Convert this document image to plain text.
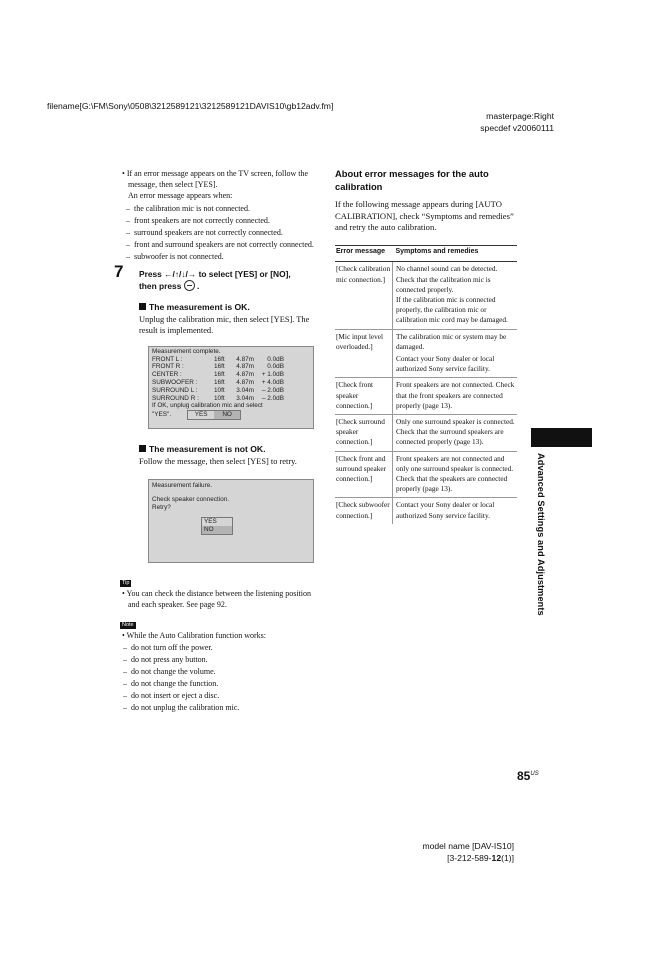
filename[G:\FM\Sony\0508\3212589121\3212589121DAVIS10\gb12adv.fm]
masterpage:Right
specdef v20060111

• If an error message appears on the TV screen, follow the message, then select [YES].

An error message appears when:

–  the calibration mic is not connected.

–  front speakers are not correctly connected.

–  surround speakers are not correctly connected.

–  front and surround speakers are not correctly connected.

–  subwoofer is not connected.

7 Press ←/↑/↓/→ to select [YES] or [NO],
then press  .
The measurement is OK.

Unplug the calibration mic, then select [YES]. The result is implemented.

Measurement complete.
FRONT L :	16ft	4.87m	0.0dB
FRONT R :	16ft	4.87m	0.0dB
CENTER :	16ft	4.87m	+ 1.0dB
SUBWOOFER :	16ft	4.87m	+ 4.0dB
SURROUND L :	10ft	3.04m	– 2.0dB
SURROUND R :	10ft	3.04m	– 2.0dB
If OK, unplug calibration mic and select
"YES".	YES	NO
The measurement is not OK.

Follow the message, then select [YES] to retry.

Measurement failure.
Check speaker connection.
Retry?
YES
NO
Tip

• You can check the distance between the listening position and each speaker. See page 92.

Note

• While the Auto Calibration function works:

–  do not turn off the power.

–  do not press any button.

–  do not change the volume.

–  do not change the function.

–  do not insert or eject a disc.

–  do not unplug the calibration mic.

About error messages for the auto calibration

If the following message appears during [AUTO CALIBRATION], check “Symptoms and remedies” and retry the auto calibration.

Error message	Symptoms and remedies
[Check calibration mic connection.]	No channel sound can be detected. Check that the calibration mic is connected properly.
If the calibration mic is connected properly, the calibration mic or calibration mic cord may be damaged.

[Mic input level overloaded.]	The calibration mic or system may be damaged.
Contact your Sony dealer or local authorized Sony service facility.

[Check front speaker connection.]	Front speakers are not connected. Check that the front speakers are connected properly (page 13).
[Check surround speaker connection.]	Only one surround speaker is connected. Check that the surround speakers are connected properly (page 13).
[Check front and surround speaker connection.]	Front speakers are not connected and only one surround speaker is connected. Check that the speakers are connected properly (page 13).
[Check subwoofer connection.]	Contact your Sony dealer or local authorized Sony service facility.	Advanced Settings and Adjustments
$85^{US}$
model name [DAV-IS10]
[3-212-589-12(1)]
